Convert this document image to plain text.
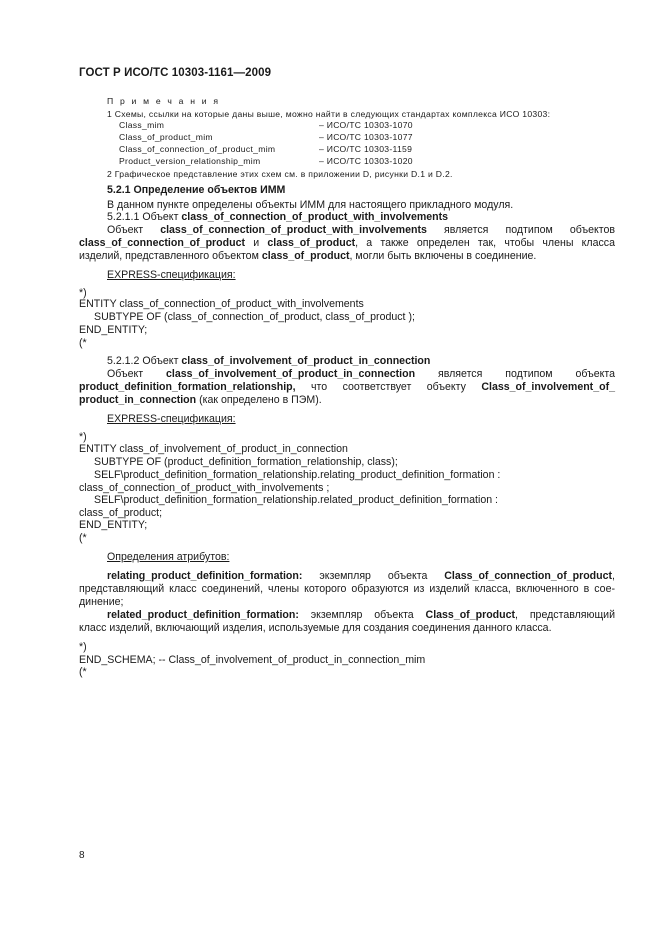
ГОСТ Р ИСО/ТС 10303-1161—2009
П р и м е ч а н и я
1 Схемы, ссылки на которые даны выше, можно найти в следующих стандартах комплекса ИСО 10303:
Class_mim	– ИСО/ТС 10303-1070
Class_of_product_mim	– ИСО/ТС 10303-1077
Class_of_connection_of_product_mim	– ИСО/ТС 10303-1159
Product_version_relationship_mim	– ИСО/ТС 10303-1020
2 Графическое представление этих схем см. в приложении D, рисунки D.1 и D.2.
5.2.1 Определение объектов ИММ
В данном пункте определены объекты ИММ для настоящего прикладного модуля.
5.2.1.1 Объект class_of_connection_of_product_with_involvements
Объект class_of_connection_of_product_with_involvements является подтипом объектов
class_of_connection_of_product и class_of_product, а также определен так, чтобы члены класса
изделий, представленного объектом class_of_product, могли быть включены в соединение.
EXPRESS-спецификация:
*)
ENTITY class_of_connection_of_product_with_involvements
SUBTYPE OF (class_of_connection_of_product, class_of_product );
END_ENTITY;
(*
5.2.1.2 Объект class_of_involvement_of_product_in_connection
Объект class_of_involvement_of_product_in_connection является подтипом объекта
product_definition_formation_relationship, что соответствует объекту Class_of_involvement_of_
product_in_connection (как определено в ПЭМ).
EXPRESS-спецификация:
*)
ENTITY class_of_involvement_of_product_in_connection
SUBTYPE OF (product_definition_formation_relationship, class);
SELF\product_definition_formation_relationship.relating_product_definition_formation :
class_of_connection_of_product_with_involvements ;
SELF\product_definition_formation_relationship.related_product_definition_formation :
class_of_product;
END_ENTITY;
(*
Определения атрибутов:
relating_product_definition_formation: экземпляр объекта Class_of_connection_of_product,
представляющий класс соединений, члены которого образуются из изделий класса, включенного в сое-
динение;
related_product_definition_formation: экземпляр объекта Class_of_product, представляющий
класс изделий, включающий изделия, используемые для создания соединения данного класса.
*)
END_SCHEMA; -- Class_of_involvement_of_product_in_connection_mim
(*
8
